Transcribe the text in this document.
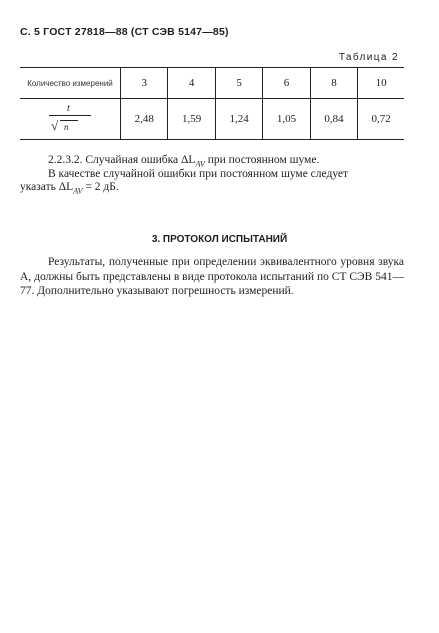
С. 5 ГОСТ 27818—88 (СТ СЭВ 5147—85)
Таблица 2
Количество измерений	3	4	5	6	8	10

t
√ n	2,48	1,59	1,24	1,05	0,84	0,72
2.2.3.2. Случайная ошибка $\Delta L_{AV}$ при постоянном шуме.
В качестве случайной ошибки при постоянном шуме следует
указать $\Delta L_{AV} = 2$ дБ.
3. ПРОТОКОЛ ИСПЫТАНИЙ
Результаты, полученные при определении эквивалентного уровня звука A, должны быть представлены в виде протокола испытаний по СТ СЭВ 541—77. Дополнительно указывают погрешность измерений.
